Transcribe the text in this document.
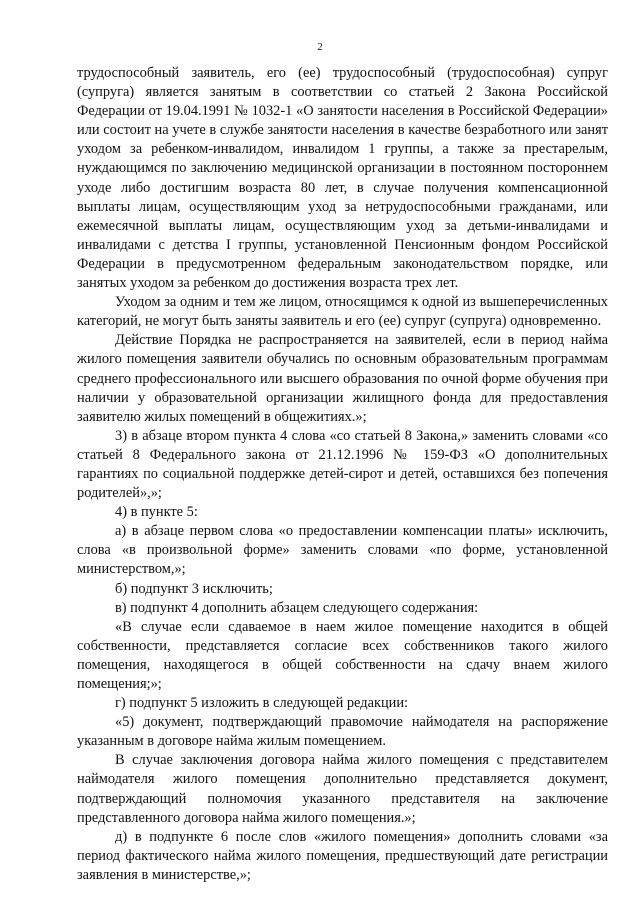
2

трудоспособный заявитель, его (ее) трудоспособный (трудоспособная) супруг (супруга) является занятым в соответствии со статьей 2 Закона Российской Федерации от 19.04.1991 № 1032-1 «О занятости населения в Российской Федерации» или состоит на учете в службе занятости населения в качестве безработного или занят уходом за ребенком-инвалидом, инвалидом 1 группы, а также за престарелым, нуждающимся по заключению медицинской организации в постоянном постороннем уходе либо достигшим возраста 80 лет, в случае получения компенсационной выплаты лицам, осуществляющим уход за нетрудоспособными гражданами, или ежемесячной выплаты лицам, осуществляющим уход за детьми-инвалидами и инвалидами с детства I группы, установленной Пенсионным фондом Российской Федерации в предусмотренном федеральным законодательством порядке, или занятых уходом за ребенком до достижения возраста трех лет.

Уходом за одним и тем же лицом, относящимся к одной из вышеперечисленных категорий, не могут быть заняты заявитель и его (ее) супруг (супруга) одновременно.

Действие Порядка не распространяется на заявителей, если в период найма жилого помещения заявители обучались по основным образовательным программам среднего профессионального или высшего образования по очной форме обучения при наличии у образовательной организации жилищного фонда для предоставления заявителю жилых помещений в общежитиях.»;

3) в абзаце втором пункта 4 слова «со статьей 8 Закона,» заменить словами «со статьей 8 Федерального закона от 21.12.1996 № 159-ФЗ «О дополнительных гарантиях по социальной поддержке детей-сирот и детей, оставшихся без попечения родителей»,»;

4) в пункте 5:

а) в абзаце первом слова «о предоставлении компенсации платы» исключить, слова «в произвольной форме» заменить словами «по форме, установленной министерством,»;

б) подпункт 3 исключить;

в) подпункт 4 дополнить абзацем следующего содержания:

«В случае если сдаваемое в наем жилое помещение находится в общей собственности, представляется согласие всех собственников такого жилого помещения, находящегося в общей собственности на сдачу внаем жилого помещения;»;

г) подпункт 5 изложить в следующей редакции:

«5) документ, подтверждающий правомочие наймодателя на распоряжение указанным в договоре найма жилым помещением.

В случае заключения договора найма жилого помещения с представителем наймодателя жилого помещения дополнительно представляется документ, подтверждающий полномочия указанного представителя на заключение представленного договора найма жилого помещения.»;

д) в подпункте 6 после слов «жилого помещения» дополнить словами «за период фактического найма жилого помещения, предшествующий дате регистрации заявления в министерстве,»;
